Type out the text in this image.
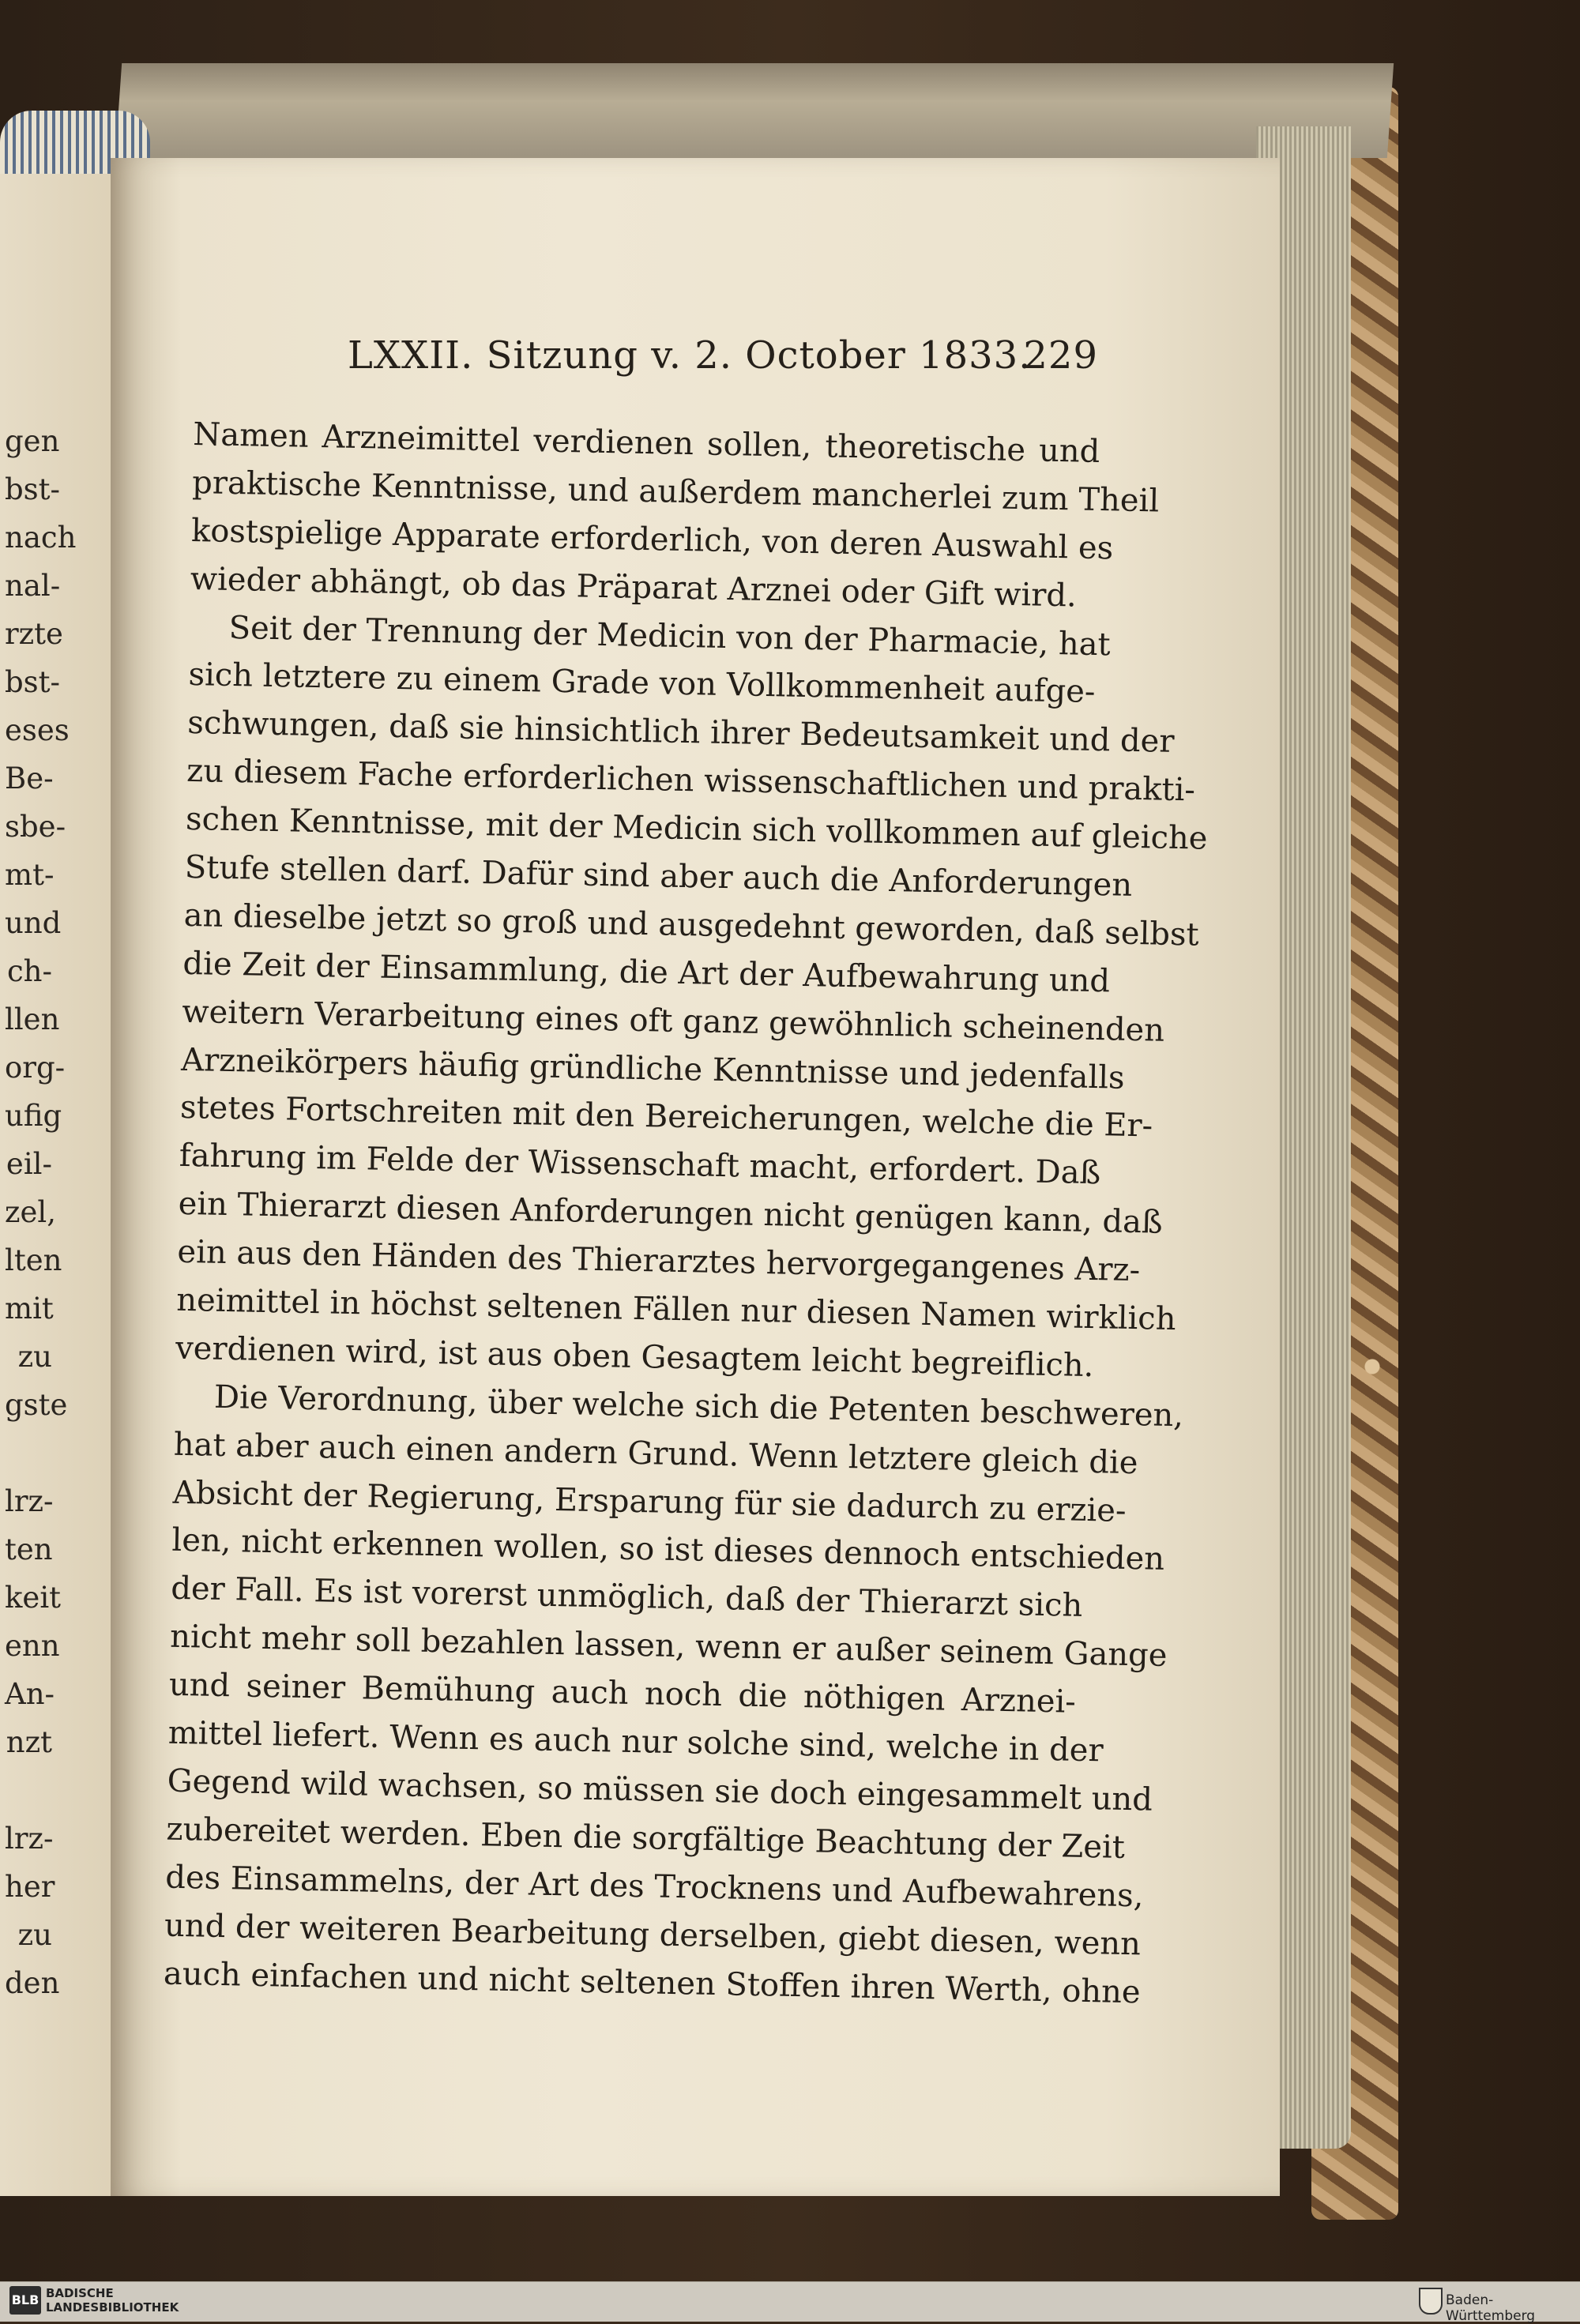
LXXII. Sitzung v. 2. October 1833.
229
Namen Arzneimittel verdienen sollen, theoretische und
praktische Kenntnisse, und außerdem mancherlei zum Theil
kostspielige Apparate erforderlich, von deren Auswahl es
wieder abhängt, ob das Präparat Arznei oder Gift wird.
Seit der Trennung der Medicin von der Pharmacie, hat
sich letztere zu einem Grade von Vollkommenheit aufge-
schwungen, daß sie hinsichtlich ihrer Bedeutsamkeit und der
zu diesem Fache erforderlichen wissenschaftlichen und prakti-
schen Kenntnisse, mit der Medicin sich vollkommen auf gleiche
Stufe stellen darf. Dafür sind aber auch die Anforderungen
an dieselbe jetzt so groß und ausgedehnt geworden, daß selbst
die Zeit der Einsammlung, die Art der Aufbewahrung und
weitern Verarbeitung eines oft ganz gewöhnlich scheinenden
Arzneikörpers häufig gründliche Kenntnisse und jedenfalls
stetes Fortschreiten mit den Bereicherungen, welche die Er-
fahrung im Felde der Wissenschaft macht, erfordert. Daß
ein Thierarzt diesen Anforderungen nicht genügen kann, daß
ein aus den Händen des Thierarztes hervorgegangenes Arz-
neimittel in höchst seltenen Fällen nur diesen Namen wirklich
verdienen wird, ist aus oben Gesagtem leicht begreiflich.
Die Verordnung, über welche sich die Petenten beschweren,
hat aber auch einen andern Grund. Wenn letztere gleich die
Absicht der Regierung, Ersparung für sie dadurch zu erzie-
len, nicht erkennen wollen, so ist dieses dennoch entschieden
der Fall. Es ist vorerst unmöglich, daß der Thierarzt sich
nicht mehr soll bezahlen lassen, wenn er außer seinem Gange
und seiner Bemühung auch noch die nöthigen Arznei-
mittel liefert. Wenn es auch nur solche sind, welche in der
Gegend wild wachsen, so müssen sie doch eingesammelt und
zubereitet werden. Eben die sorgfältige Beachtung der Zeit
des Einsammelns, der Art des Trocknens und Aufbewahrens,
und der weiteren Bearbeitung derselben, giebt diesen, wenn
auch einfachen und nicht seltenen Stoffen ihren Werth, ohne
gen
bst-
nach
nal-
rzte
bst-
eses
Be-
sbe-
mt-
und
ch-
llen
org-
ufig
eil-
zel,
lten
mit
zu
gste
lrz-
ten
keit
enn
An-
nzt
lrz-
her
zu
den
BLB BADISCHE
LANDESBIBLIOTHEK	Baden-Württemberg
